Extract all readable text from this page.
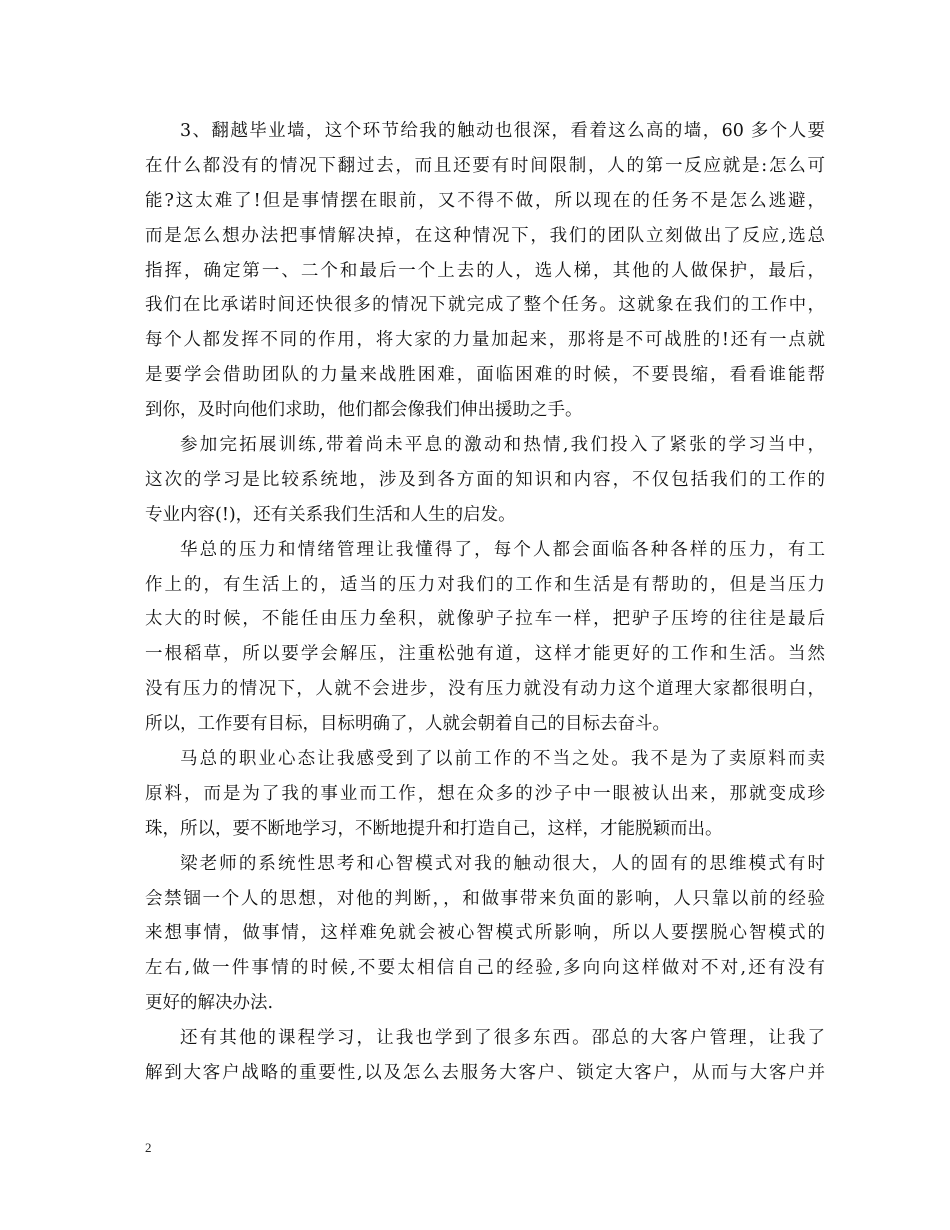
3、翻越毕业墙，这个环节给我的触动也很深，看着这么高的墙，60 多个人要
在什么都没有的情况下翻过去，而且还要有时间限制，人的第一反应就是:怎么可
能?这太难了!但是事情摆在眼前，又不得不做，所以现在的任务不是怎么逃避，
而是怎么想办法把事情解决掉，在这种情况下，我们的团队立刻做出了反应,选总
指挥，确定第一、二个和最后一个上去的人，选人梯，其他的人做保护，最后，
我们在比承诺时间还快很多的情况下就完成了整个任务。这就象在我们的工作中，
每个人都发挥不同的作用，将大家的力量加起来，那将是不可战胜的!还有一点就
是要学会借助团队的力量来战胜困难，面临困难的时候，不要畏缩，看看谁能帮
到你，及时向他们求助，他们都会像我们伸出援助之手。
参加完拓展训练,带着尚未平息的激动和热情,我们投入了紧张的学习当中，
这次的学习是比较系统地，涉及到各方面的知识和内容，不仅包括我们的工作的
专业内容(!)，还有关系我们生活和人生的启发。
华总的压力和情绪管理让我懂得了，每个人都会面临各种各样的压力，有工
作上的，有生活上的，适当的压力对我们的工作和生活是有帮助的，但是当压力
太大的时候，不能任由压力垒积，就像驴子拉车一样，把驴子压垮的往往是最后
一根稻草，所以要学会解压，注重松弛有道，这样才能更好的工作和生活。当然
没有压力的情况下，人就不会进步，没有压力就没有动力这个道理大家都很明白，
所以，工作要有目标，目标明确了，人就会朝着自己的目标去奋斗。
马总的职业心态让我感受到了以前工作的不当之处。我不是为了卖原料而卖
原料，而是为了我的事业而工作，想在众多的沙子中一眼被认出来，那就变成珍
珠，所以，要不断地学习，不断地提升和打造自己，这样，才能脱颖而出。
梁老师的系统性思考和心智模式对我的触动很大，人的固有的思维模式有时
会禁锢一个人的思想，对他的判断，，和做事带来负面的影响，人只靠以前的经验
来想事情，做事情，这样难免就会被心智模式所影响，所以人要摆脱心智模式的
左右,做一件事情的时候,不要太相信自己的经验,多向向这样做对不对,还有没有
更好的解决办法.
还有其他的课程学习，让我也学到了很多东西。邵总的大客户管理，让我了
解到大客户战略的重要性,以及怎么去服务大客户、锁定大客户，从而与大客户并
2
